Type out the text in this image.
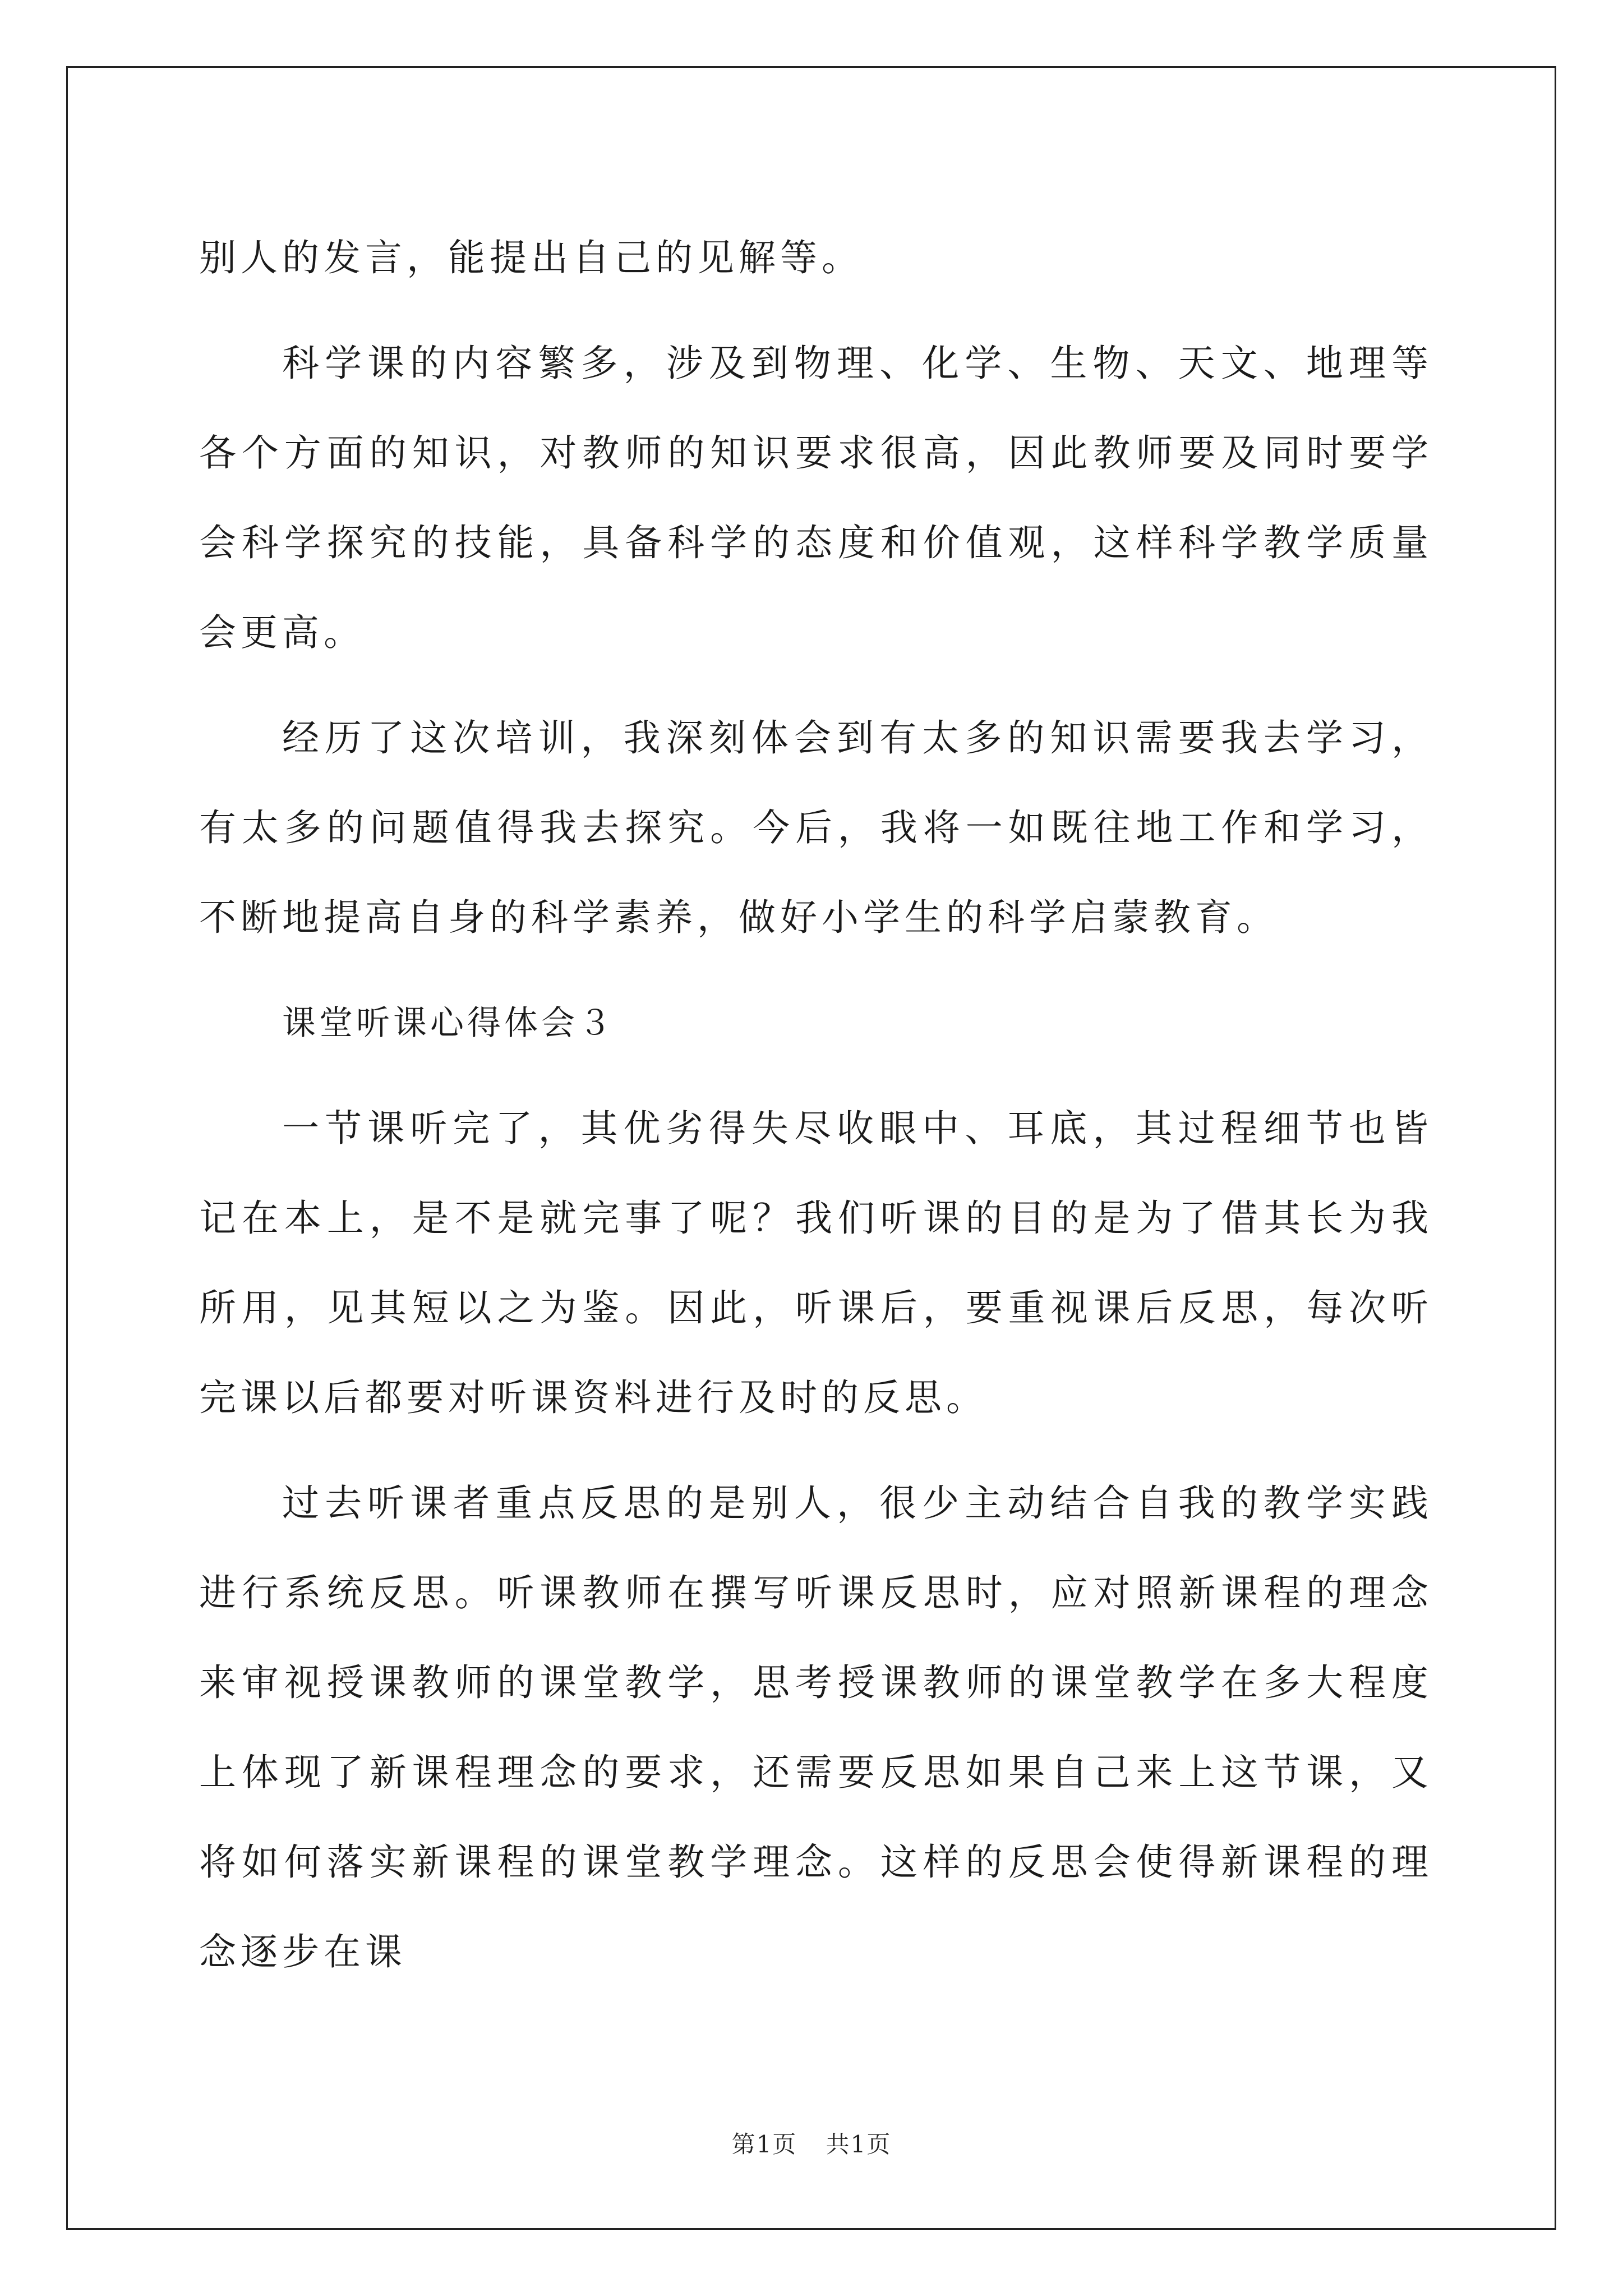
别人的发言，能提出自己的见解等。

科学课的内容繁多，涉及到物理、化学、生物、天文、地理等各个方面的知识，对教师的知识要求很高，因此教师要及同时要学会科学探究的技能，具备科学的态度和价值观，这样科学教学质量会更高。

经历了这次培训，我深刻体会到有太多的知识需要我去学习，有太多的问题值得我去探究。今后，我将一如既往地工作和学习，不断地提高自身的科学素养，做好小学生的科学启蒙教育。

课堂听课心得体会３

一节课听完了，其优劣得失尽收眼中、耳底，其过程细节也皆记在本上，是不是就完事了呢？我们听课的目的是为了借其长为我所用，见其短以之为鉴。因此，听课后，要重视课后反思，每次听完课以后都要对听课资料进行及时的反思。

过去听课者重点反思的是别人，很少主动结合自我的教学实践进行系统反思。听课教师在撰写听课反思时，应对照新课程的理念来审视授课教师的课堂教学，思考授课教师的课堂教学在多大程度上体现了新课程理念的要求，还需要反思如果自己来上这节课，又将如何落实新课程的课堂教学理念。这样的反思会使得新课程的理念逐步在课

第1页 共1页
